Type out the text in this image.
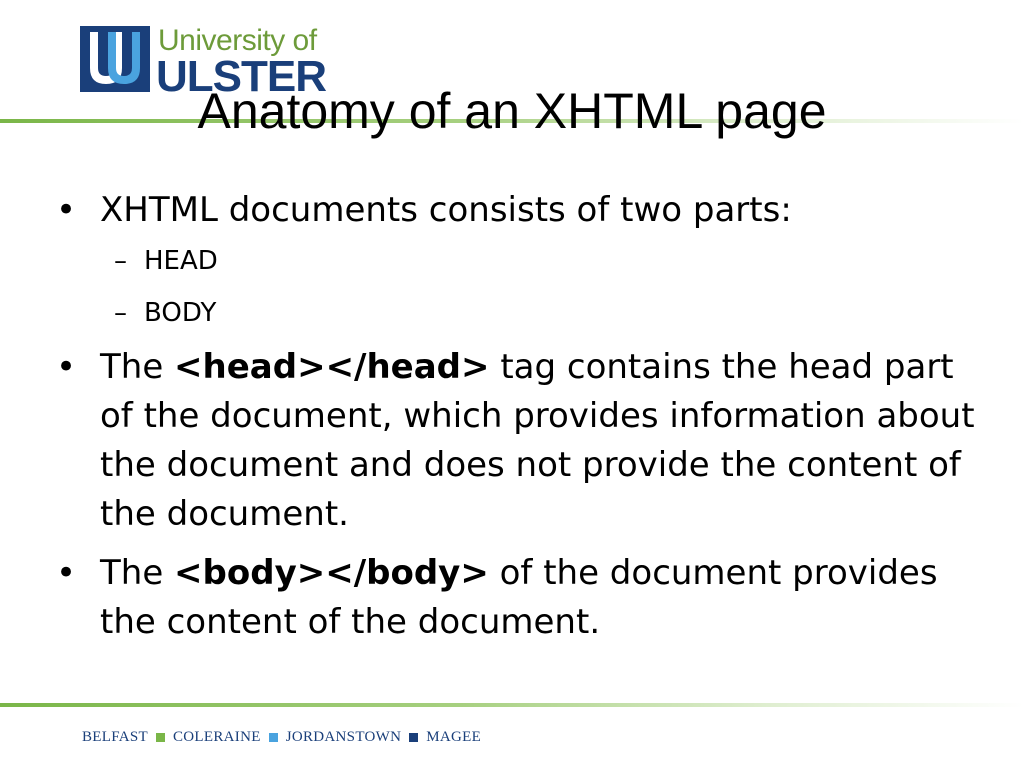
University of
ULSTER
Anatomy of an XHTML page
• XHTML documents consists of two parts:
– HEAD
– BODY
• The <head></head> tag contains the head part of the document, which provides information about the document and does not provide the content of the document.
• The <body></body> of the document provides the content of the document.
BELFAST COLERAINE JORDANSTOWN MAGEE
